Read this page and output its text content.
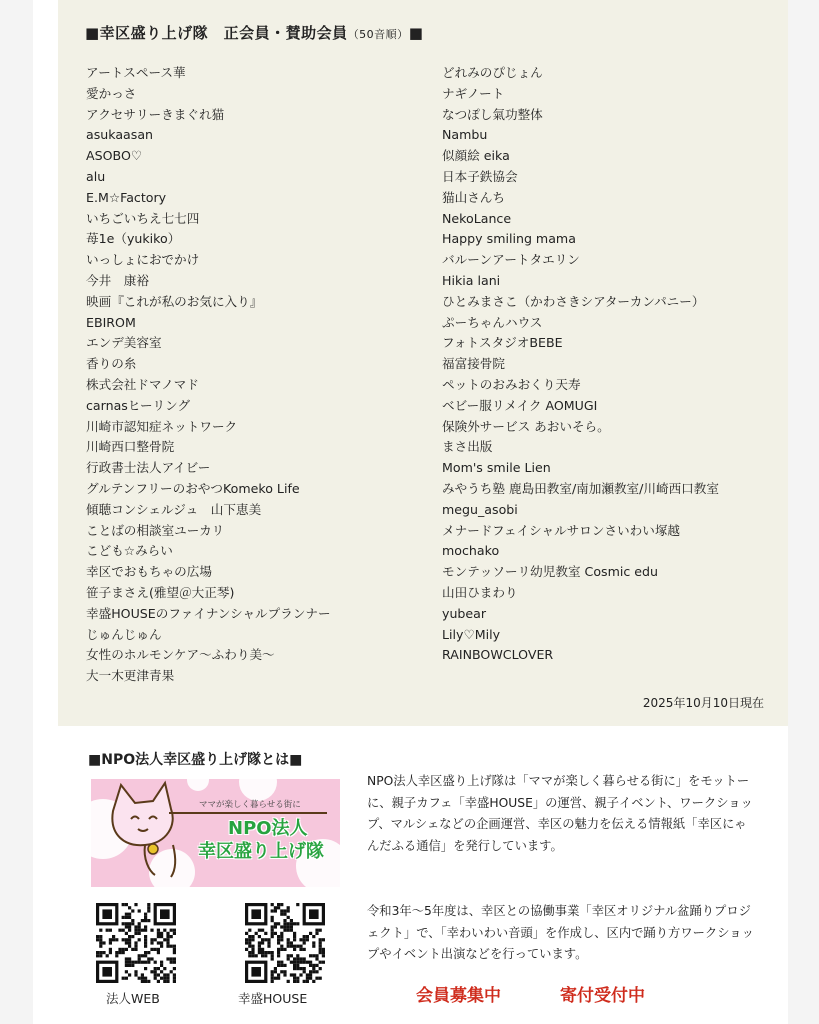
■幸区盛り上げ隊　正会員・賛助会員（50音順）■
アートスペース華
愛かっさ
アクセサリーきまぐれ猫
asukaasan
ASOBO♡
alu
E.M☆Factory
いちごいちえ七七四
苺1e（yukiko）
いっしょにおでかけ
今井　康裕
映画『これが私のお気に入り』
EBIROM
エンデ美容室
香りの糸
株式会社ドマノマド
carnasヒーリング
川崎市認知症ネットワーク
川崎西口整骨院
行政書士法人アイビー
グルテンフリーのおやつKomeko Life
傾聴コンシェルジュ　山下恵美
ことばの相談室ユーカリ
こども☆みらい
幸区でおもちゃの広場
笹子まさえ(雅望＠大正琴)
幸盛HOUSEのファイナンシャルプランナー
じゅんじゅん
女性のホルモンケア〜ふわり美〜
大一木更津青果
どれみのぴじょん
ナギノート
なつぽし氣功整体
Nambu
似顔絵 eika
日本子鉄協会
猫山さんち
NekoLance
Happy smiling mama
バルーンアートタエリン
Hikia lani
ひとみまさこ（かわさきシアターカンパニー）
ぷーちゃんハウス
フォトスタジオBEBE
福富接骨院
ペットのおみおくり天寿
ベビー服リメイク AOMUGI
保険外サービス あおいそら。
まさ出版
Mom's smile Lien
みやうち塾 鹿島田教室/南加瀬教室/川崎西口教室
megu_asobi
メナードフェイシャルサロンさいわい塚越
mochako
モンテッソーリ幼児教室 Cosmic edu
山田ひまわり
yubear
Lily♡Mily
RAINBOWCLOVER
2025年10月10日現在
■NPO法人幸区盛り上げ隊とは■
ママが楽しく暮らせる街に
NPO法人
幸区盛り上げ隊
法人WEB	幸盛HOUSE

NPO法人幸区盛り上げ隊は「ママが楽しく暮らせる街に」をモットーに、親子カフェ「幸盛HOUSE」の運営、親子イベント、ワークショップ、マルシェなどの企画運営、幸区の魅力を伝える情報紙「幸区にゃんだふる通信」を発行しています。

令和3年〜5年度は、幸区との協働事業「幸区オリジナル盆踊りプロジェクト」で、「幸わいわい音頭」を作成し、区内で踊り方ワークショップやイベント出演などを行っています。

会員募集中	寄付受付中
